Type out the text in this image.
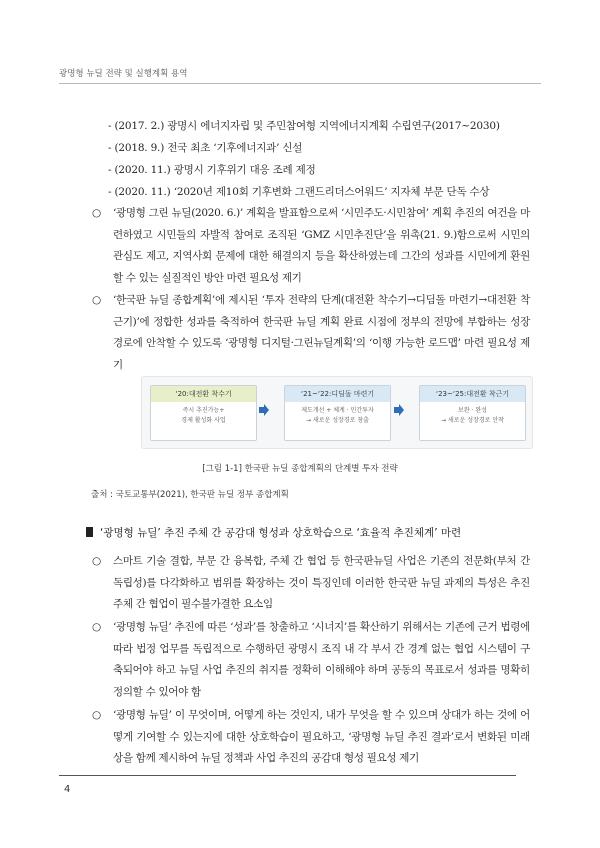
광명형 뉴딜 전략 및 실행계획 용역
- (2017. 2.) 광명시 에너지자립 및 주민참여형 지역에너지계획 수립연구(2017~2030)
- (2018. 9.) 전국 최초 ‘기후에너지과’ 신설
- (2020. 11.) 광명시 기후위기 대응 조례 제정
- (2020. 11.) ‘2020년 제10회 기후변화 그랜드리더스어워드’ 지자체 부문 단독 수상
○ ‘광명형 그린 뉴딜(2020. 6.)’ 계획을 발표함으로써 ‘시민주도·시민참여’ 계획 추진의 여건을 마련하였고 시민들의 자발적 참여로 조직된 ‘GMZ 시민추진단’을 위촉(21. 9.)함으로써 시민의 관심도 제고, 지역사회 문제에 대한 해결의지 등을 확산하였는데 그간의 성과를 시민에게 환원할 수 있는 실질적인 방안 마련 필요성 제기
○ ‘한국판 뉴딜 종합계획’에 제시된 ‘투자 전략의 단계(대전환 착수기→디딤돌 마련기→대전환 착근기)’에 정합한 성과를 축적하여 한국판 뉴딜 계획 완료 시점에 정부의 전망에 부합하는 성장경로에 안착할 수 있도록 ‘광명형 디지털·그린뉴딜계획’의 ‘이행 가능한 로드맵’ 마련 필요성 제기
‘20:대전환 착수기
즉시 추진가능+
경제 활성화 사업
‘21~‘22:디딤돌 마련기
제도개선 + 체계 · 민간투자
→ 새로운 성장경로 창출
‘23~‘25:대전환 착근기
보완 · 완성
→ 새로운 성장경로 안착
[그림 1-1] 한국판 뉴딜 종합계획의 단계별 투자 전략
출처 : 국토교통부(2021), 한국판 뉴딜 정부 종합계획
‘광명형 뉴딜’ 추진 주체 간 공감대 형성과 상호학습으로 ‘효율적 추진체계’ 마련
○ 스마트 기술 결합, 부문 간 융복합, 주체 간 협업 등 한국판뉴딜 사업은 기존의 전문화(부처 간 독립성)를 다각화하고 범위를 확장하는 것이 특징인데 이러한 한국판 뉴딜 과제의 특성은 추진 주체 간 협업이 필수불가결한 요소임
○ ‘광명형 뉴딜’ 추진에 따른 ‘성과’를 창출하고 ‘시너지’를 확산하기 위해서는 기존에 근거 법령에 따라 법정 업무를 독립적으로 수행하던 광명시 조직 내 각 부서 간 경계 없는 협업 시스템이 구축되어야 하고 뉴딜 사업 추진의 취지를 정확히 이해해야 하며 공동의 목표로서 성과를 명확히 정의할 수 있어야 함
○ ‘광명형 뉴딜’ 이 무엇이며, 어떻게 하는 것인지, 내가 무엇을 할 수 있으며 상대가 하는 것에 어떻게 기여할 수 있는지에 대한 상호학습이 필요하고, ‘광명형 뉴딜 추진 결과’로서 변화된 미래상을 함께 제시하여 뉴딜 정책과 사업 추진의 공감대 형성 필요성 제기
4
